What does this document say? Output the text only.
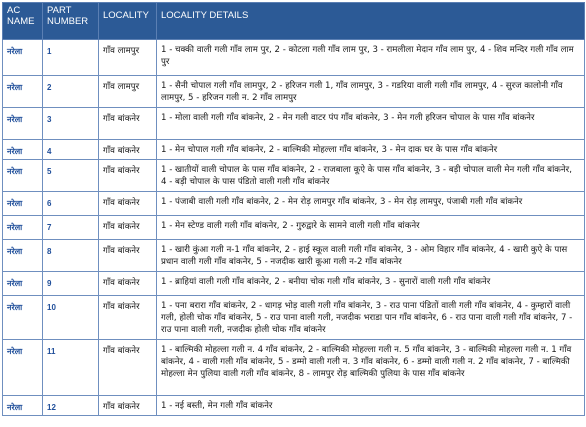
AC NAME	PART NUMBER	LOCALITY	LOCALITY DETAILS
नरेला	1	गाँव लामपुर	1 - चक्की वाली गली गाँव लाम पुर, 2 - कोटला गली गाँव लाम पुर, 3 - रामलीला मेदान गाँव लाम पुर, 4 - शिव मन्दिर गली गाँव लाम पुर
नरेला	2	गाँव लामपुर	1 - सैनी चोपाल गली गाँव लामपुर, 2 - हरिजन गली 1, गाँव लामपुर, 3 - गडरिया वाली गली गाँव लामपुर, 4 - सुरज कालोनी गाँव लामपुर, 5 - हरिजन गली न. 2 गाँव लामपुर
नरेला	3	गाँव बांकनेर	1 - मोला वाली गली गाँव बांकनेर, 2 - मेन गली वाटर पंप गाँव बांकनेर, 3 - मेन गली हरिजन चोपाल के पास गाँव बांकनेर
नरेला	4	गाँव बांकनेर	1 - मेन चोपाल गली गाँव बांकनेर, 2 - बाल्मिकी मोहल्ला गाँव बांकनेर, 3 - मेन दाक घर के पास गाँव बांकनेर
नरेला	5	गाँव बांकनेर	1 - खातीयों वाली चोपाल के पास गाँव बांकनेर, 2 - राजबाला कूऐ के पास गाँव बांकनेर, 3 - बड़ी चोपाल वाली मेन गली गाँव बांकनेर, 4 - बड़ी चोपाल के पास पंडितो वाली गली गाँव बांकनेर
नरेला	6	गाँव बांकनेर	1 - पंजाबी वाली गली गाँव बांकनेर, 2 - मेन रोड़ लामपुर गाँव बांकनेर, 3 - मेन रोड़ लामपुर, पंजाबी गली गाँव बांकनेर
नरेला	7	गाँव बांकनेर	1 - मेन स्टेण्ड वाली गली गाँव बांकनेर, 2 - गुरुद्वारे के सामने वाली गली गाँव बांकनेर
नरेला	8	गाँव बांकनेर	1 - खारी कुंआ गली न-1 गाँव बांकनेर, 2 - हाई स्कूल वाली गली गाँव बांकनेर, 3 - ओम विहार गाँव बांकनेर, 4 - खारी कुऐ के पास प्रधान वाली गली गाँव बांकनेर, 5 - नजदीक खारी कूआ गली न-2 गाँव बांकनेर
नरेला	9	गाँव बांकनेर	1 - ब्राहियां वाली गली गाँव बांकनेर, 2 - बनीया चोक गली गाँव बांकनेर, 3 - सुनारों वाली गली गाँव बांकनेर
नरेला	10	गाँव बांकनेर	1 - पना बरारा गाँव बांकनेर, 2 - धागड़ भोड़ वाली गली गाँव बांकनेर, 3 - राउ पाना पंडितों वाली गली गाँव बांकनेर, 4 - कुम्हारों वाली गली, होली चोक गाँव बांकनेर, 5 - राउ पाना वाली गली, नजदीक भराडा पान गाँव बांकनेर, 6 - राउ पाना वाली गली गाँव बांकनेर, 7 - राउ पाना वाली गली, नजदीक होली चोक गाँव बांकनेर
नरेला	11	गाँव बांकनेर	1 - बाल्मिकी मोहल्ला गली न. 4 गाँव बांकनेर, 2 - बाल्मिकी मोहल्ला गली न. 5 गाँव बांकनेर, 3 - बाल्मिकी मोहल्ला गली न. 1 गाँव बांकनेर, 4 - वाली गली गाँव बांकनेर, 5 - डम्मो वाली गली न. 3 गाँव बांकनेर, 6 - डम्मो वाली गली न. 2 गाँव बांकनेर, 7 - बाल्मिकी मोहल्ला मेन पुलिया वाली गली गाँव बांकनेर, 8 - लामपुर रोड़ बाल्मिकी पुलिया के पास गाँव बांकनेर
नरेला	12	गाँव बांकनेर	1 - नई बस्ती, मेन गली गाँव बांकनेर
